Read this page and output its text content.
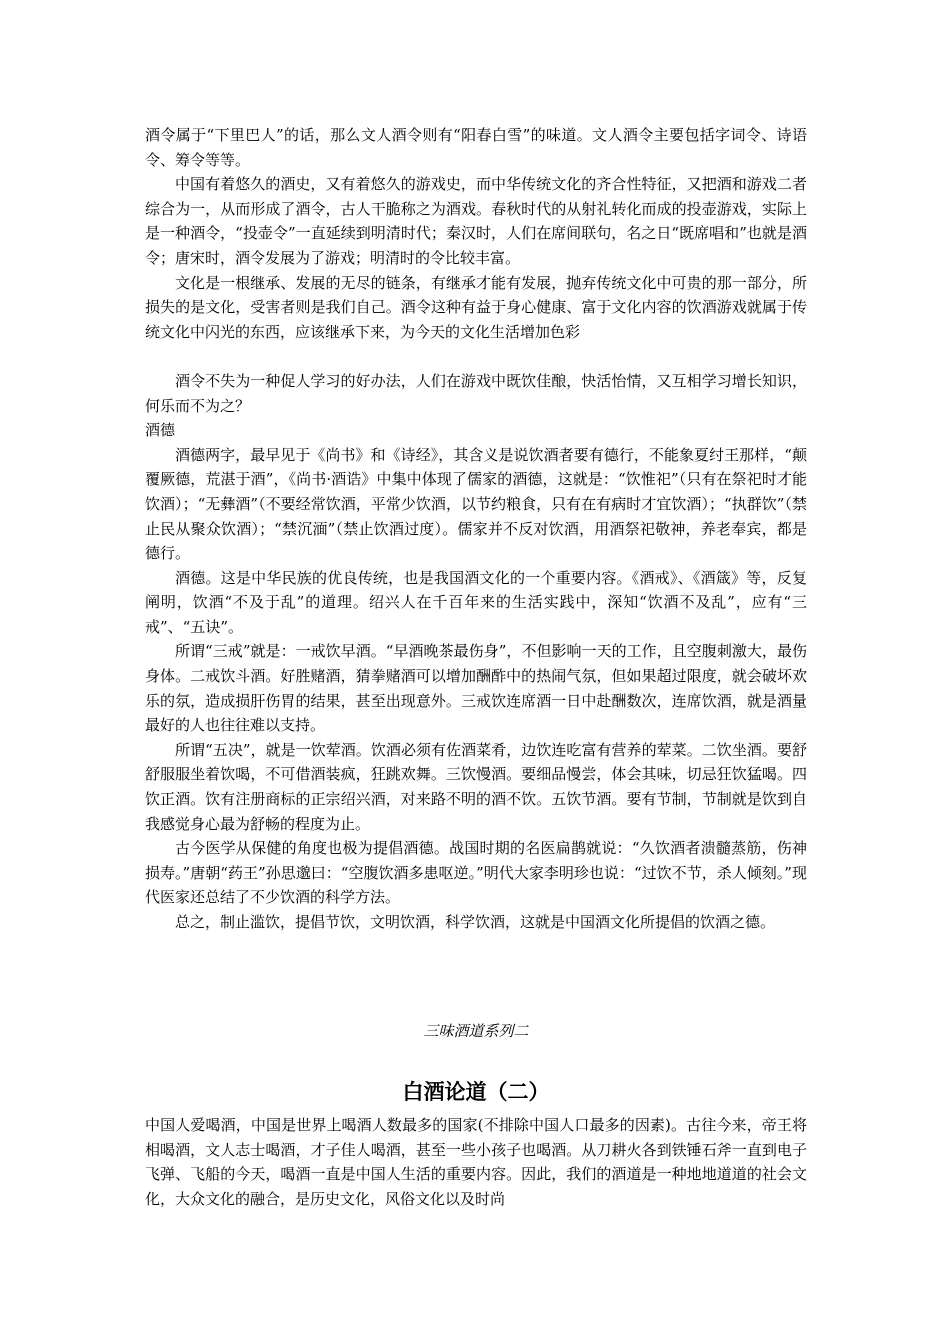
酒令属于“下里巴人”的话，那么文人酒令则有“阳春白雪”的味道。文人酒令主要包括字词令、诗语令、筹令等等。

中国有着悠久的酒史，又有着悠久的游戏史，而中华传统文化的齐合性特征，又把酒和游戏二者综合为一，从而形成了酒令，古人干脆称之为酒戏。春秋时代的从射礼转化而成的投壶游戏，实际上是一种酒令，“投壶令”一直延续到明清时代；秦汉时，人们在席间联句，名之日“既席唱和”也就是酒令；唐宋时，酒令发展为了游戏；明清时的令比较丰富。

文化是一根继承、发展的无尽的链条，有继承才能有发展，抛弃传统文化中可贵的那一部分，所损失的是文化，受害者则是我们自己。酒令这种有益于身心健康、富于文化内容的饮酒游戏就属于传统文化中闪光的东西，应该继承下来，为今天的文化生活增加色彩

酒令不失为一种促人学习的好办法，人们在游戏中既饮佳酿，快活怡情，又互相学习增长知识，何乐而不为之？

酒德

酒德两字，最早见于《尚书》和《诗经》，其含义是说饮酒者要有德行，不能象夏纣王那样，“颠覆厥德，荒湛于酒”，《尚书·酒诰》中集中体现了儒家的酒德，这就是：“饮惟祀”（只有在祭祀时才能饮酒）；“无彝酒”（不要经常饮酒，平常少饮酒，以节约粮食，只有在有病时才宜饮酒）；“执群饮”（禁止民从聚众饮酒）；“禁沉湎”（禁止饮酒过度）。儒家并不反对饮酒，用酒祭祀敬神，养老奉宾，都是德行。

酒德。这是中华民族的优良传统，也是我国酒文化的一个重要内容。《酒戒》、《酒箴》等，反复阐明，饮酒“不及于乱”的道理。绍兴人在千百年来的生活实践中，深知“饮酒不及乱”，应有“三戒”、“五诀”。

所谓“三戒”就是：一戒饮早酒。“早酒晚茶最伤身”，不但影响一天的工作，且空腹刺激大，最伤身体。二戒饮斗酒。好胜赌酒，猜拳赌酒可以增加酬酢中的热闹气氛，但如果超过限度，就会破坏欢乐的氛，造成损肝伤胃的结果，甚至出现意外。三戒饮连席酒一日中赴酬数次，连席饮酒，就是酒量最好的人也往往难以支持。

所谓“五决”，就是一饮荤酒。饮酒必须有佐酒菜肴，边饮连吃富有营养的荤菜。二饮坐酒。要舒舒服服坐着饮喝，不可借酒装疯，狂跳欢舞。三饮慢酒。要细品慢尝，体会其味，切忌狂饮猛喝。四饮正酒。饮有注册商标的正宗绍兴酒，对来路不明的酒不饮。五饮节酒。要有节制，节制就是饮到自我感觉身心最为舒畅的程度为止。

古今医学从保健的角度也极为提倡酒德。战国时期的名医扁鹊就说：“久饮酒者溃髓蒸筋，伤神损寿。”唐朝“药王”孙思邈曰：“空腹饮酒多患呕逆。”明代大家李明珍也说：“过饮不节，杀人倾刻。”现代医家还总结了不少饮酒的科学方法。

总之，制止滥饮，提倡节饮，文明饮酒，科学饮酒，这就是中国酒文化所提倡的饮酒之德。

三味酒道系列二

白酒论道（二）

中国人爱喝酒，中国是世界上喝酒人数最多的国家(不排除中国人口最多的因素)。古往今来，帝王将相喝酒，文人志士喝酒，才子佳人喝酒，甚至一些小孩子也喝酒。从刀耕火各到铁锤石斧一直到电子飞弹、飞船的今天，喝酒一直是中国人生活的重要内容。因此，我们的酒道是一种地地道道的社会文化，大众文化的融合，是历史文化，风俗文化以及时尚
